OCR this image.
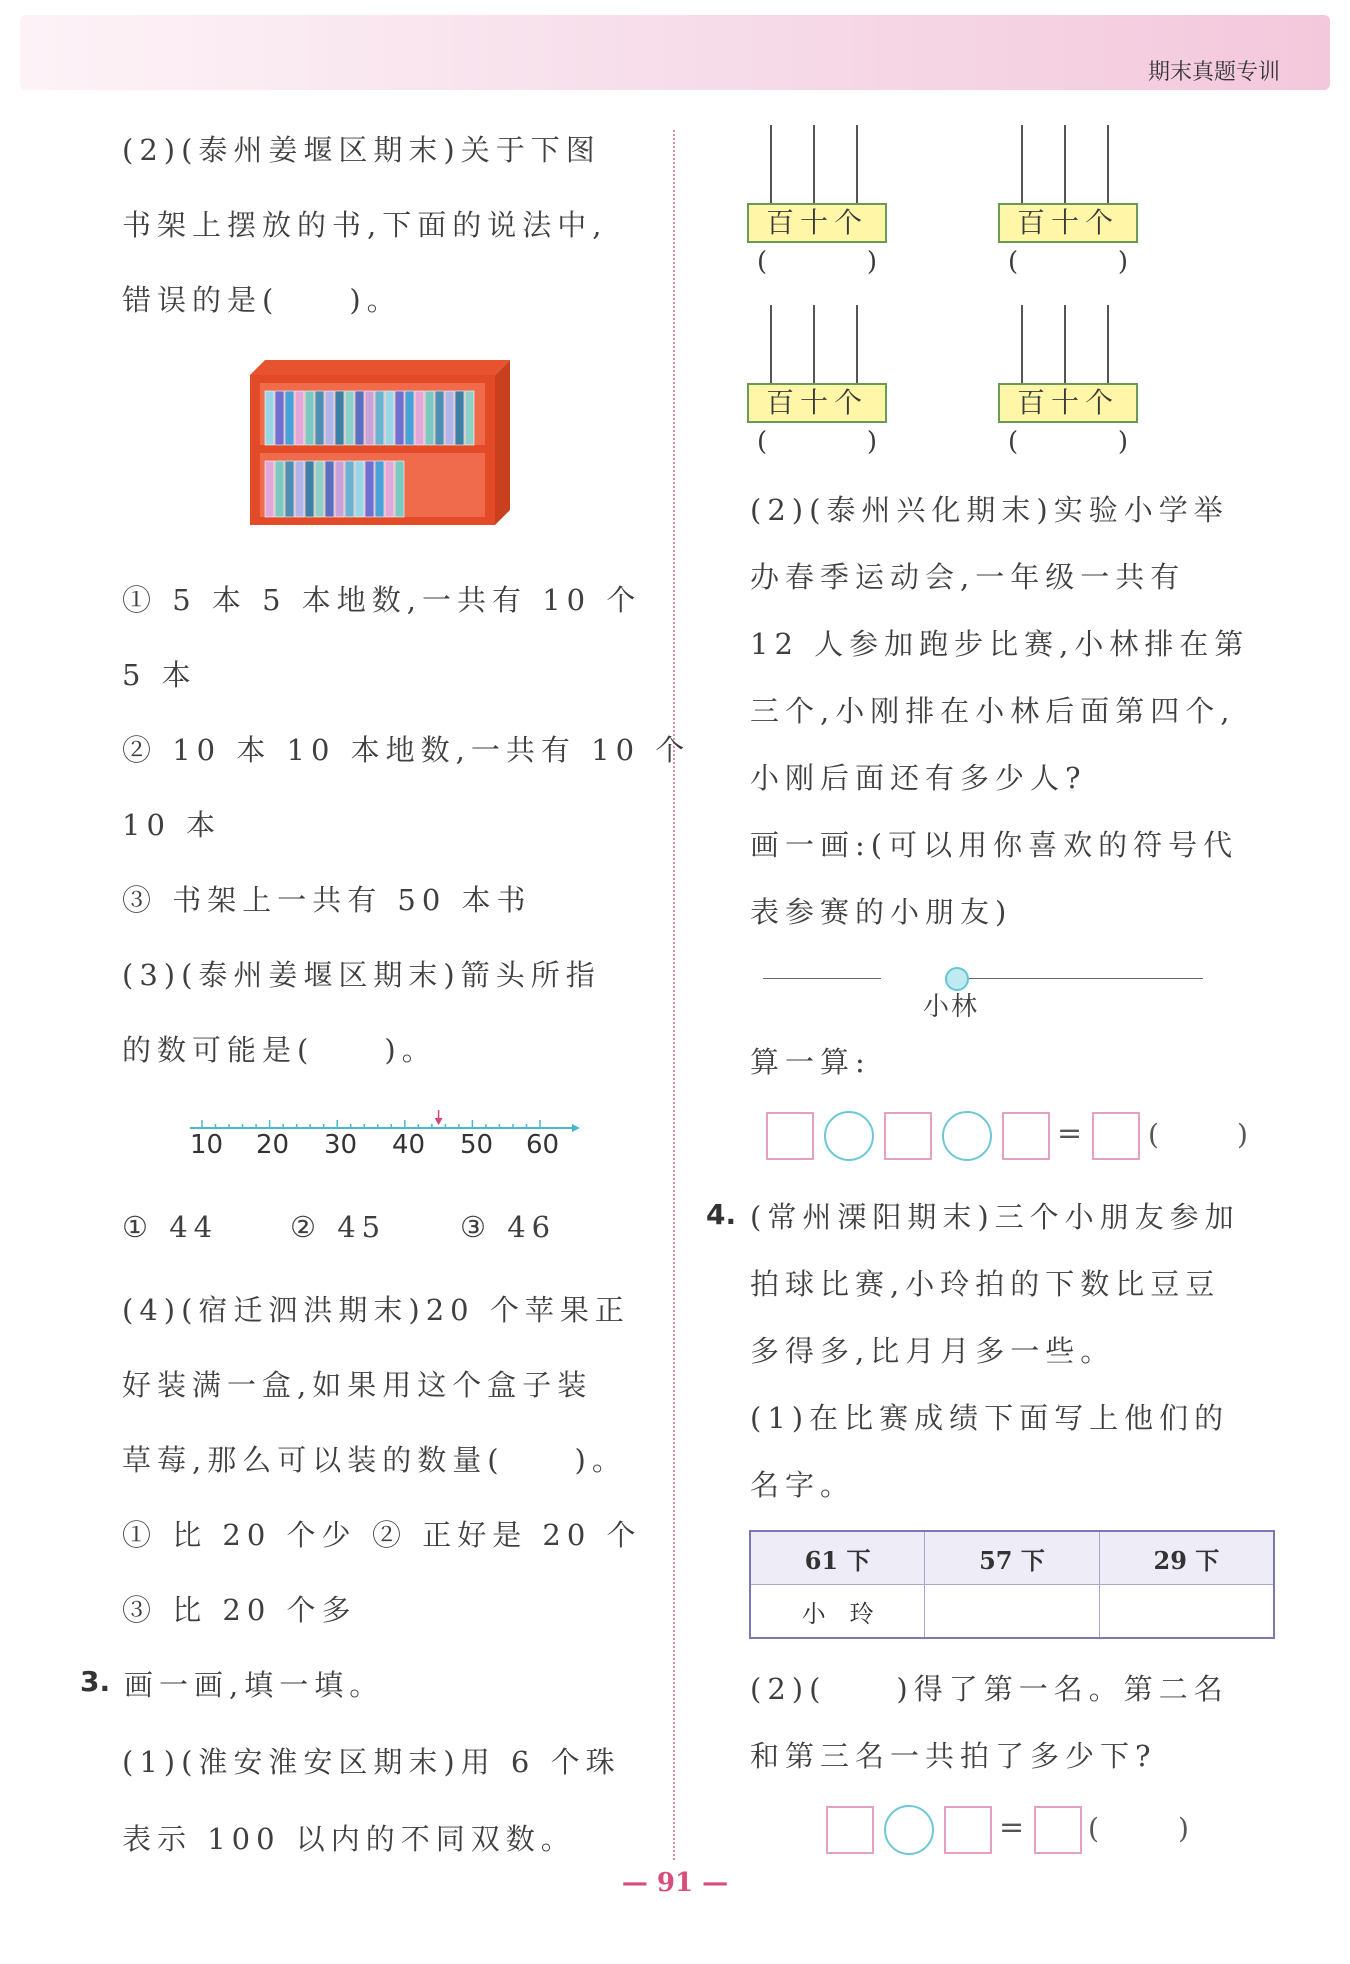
期末真题专训
(2)(泰州姜堰区期末)关于下图
书架上摆放的书,下面的说法中,
错误的是(　　)。
① 5 本 5 本地数,一共有 10 个
5 本
② 10 本 10 本地数,一共有 10 个
10 本
③ 书架上一共有 50 本书
(3)(泰州姜堰区期末)箭头所指
的数可能是(　　)。
10 20 30 40 50 60
① 44 ② 45	③ 46
(4)(宿迁泗洪期末)20 个苹果正
好装满一盒,如果用这个盒子装
草莓,那么可以装的数量(　　)。
① 比 20 个少 ② 正好是 20 个
③ 比 20 个多
3. 画一画,填一填。
(1)(淮安淮安区期末)用 6 个珠
表示 100 以内的不同双数。
百十个
(	)
百十个
(	)
百十个
(	)
百十个
(	)
(2)(泰州兴化期末)实验小学举
办春季运动会,一年级一共有
12 人参加跑步比赛,小林排在第
三个,小刚排在小林后面第四个,
小刚后面还有多少人?
画一画:(可以用你喜欢的符号代
表参赛的小朋友)
小林
算一算:
= (	)
4. (常州溧阳期末)三个小朋友参加
拍球比赛,小玲拍的下数比豆豆
多得多,比月月多一些。
(1)在比赛成绩下面写上他们的
名字。
61 下	57 下	29 下
小　玲		
(2)(　　)得了第一名。第二名
和第三名一共拍了多少下?
= (	)
— 91 —
